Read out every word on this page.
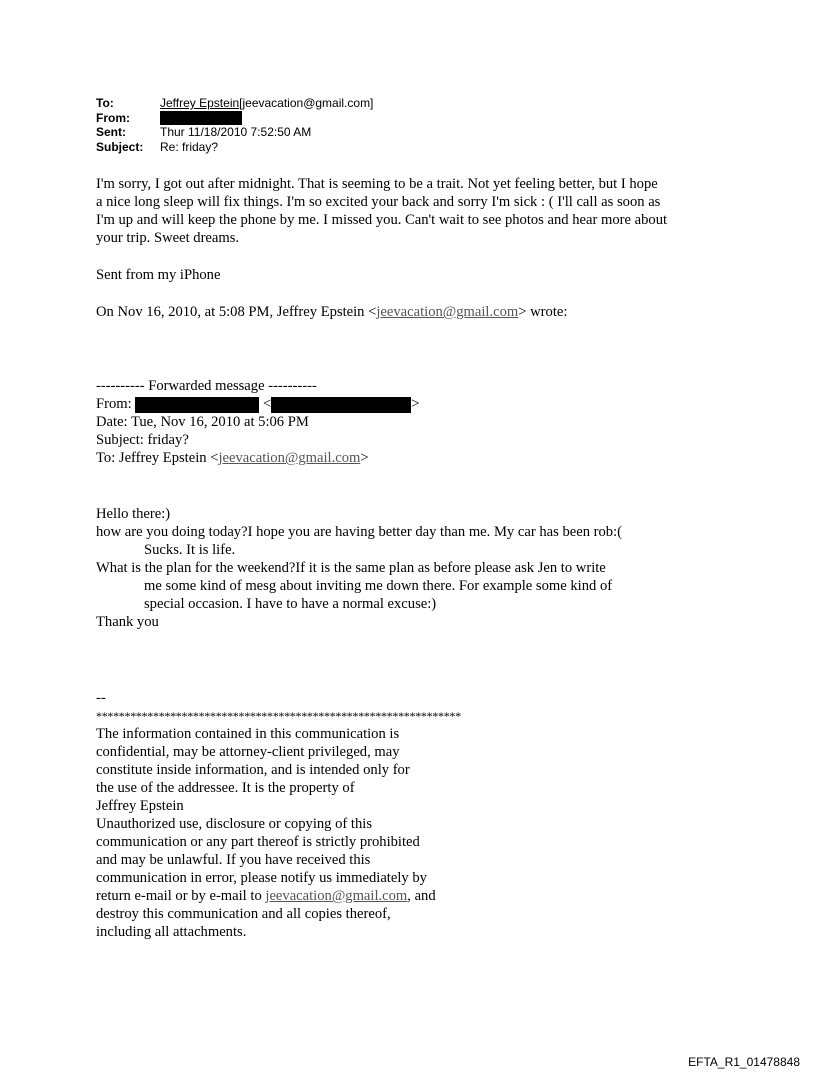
To:	Jeffrey Epstein[jeevacation@gmail.com]
From:
Sent:	Thur 11/18/2010 7:52:50 AM
Subject:	Re: friday?

I'm sorry, I got out after midnight. That is seeming to be a trait. Not yet feeling better, but I hope

a nice long sleep will fix things. I'm so excited your back and sorry I'm sick : ( I'll call as soon as

I'm up and will keep the phone by me. I missed you. Can't wait to see photos and hear more about

your trip. Sweet dreams.

Sent from my iPhone

On Nov 16, 2010, at 5:08 PM, Jeffrey Epstein <jeevacation@gmail.com> wrote:

---------- Forwarded message ----------

From:	<	>

Date: Tue, Nov 16, 2010 at 5:06 PM

Subject: friday?

To: Jeffrey Epstein <jeevacation@gmail.com>

Hello there:)

how are you doing today?I hope you are having better day than me. My car has been rob:(

Sucks. It is life.

What is the plan for the weekend?If it is the same plan as before please ask Jen to write

me some kind of mesg about inviting me down there. For example some kind of

special occasion. I have to have a normal excuse:)

Thank you

--

****************************************************************

The information contained in this communication is

confidential, may be attorney-client privileged, may

constitute inside information, and is intended only for

the use of the addressee. It is the property of

Jeffrey Epstein

Unauthorized use, disclosure or copying of this

communication or any part thereof is strictly prohibited

and may be unlawful. If you have received this

communication in error, please notify us immediately by

return e-mail or by e-mail to jeevacation@gmail.com, and

destroy this communication and all copies thereof,

including all attachments.

EFTA_R1_01478848
